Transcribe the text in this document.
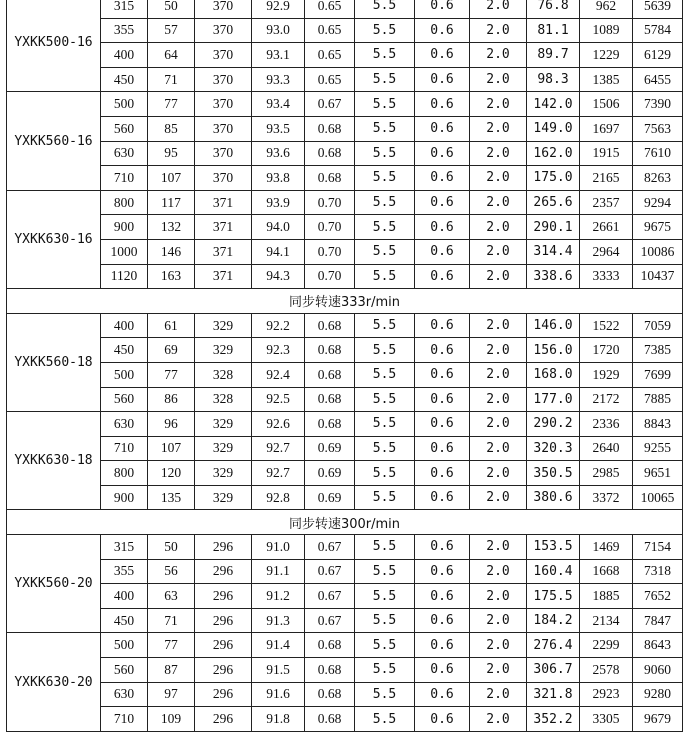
YXKK500-16	315	50	370	92.9	0.65	5.5	0.6	2.0	76.8	962	5639
	355	57	370	93.0	0.65	5.5	0.6	2.0	81.1	1089	5784
	400	64	370	93.1	0.65	5.5	0.6	2.0	89.7	1229	6129
	450	71	370	93.3	0.65	5.5	0.6	2.0	98.3	1385	6455
YXKK560-16	500	77	370	93.4	0.67	5.5	0.6	2.0	142.0	1506	7390
	560	85	370	93.5	0.68	5.5	0.6	2.0	149.0	1697	7563
	630	95	370	93.6	0.68	5.5	0.6	2.0	162.0	1915	7610
	710	107	370	93.8	0.68	5.5	0.6	2.0	175.0	2165	8263
YXKK630-16	800	117	371	93.9	0.70	5.5	0.6	2.0	265.6	2357	9294
	900	132	371	94.0	0.70	5.5	0.6	2.0	290.1	2661	9675
	1000	146	371	94.1	0.70	5.5	0.6	2.0	314.4	2964	10086
	1120	163	371	94.3	0.70	5.5	0.6	2.0	338.6	3333	10437
同步转速333r/min											
YXKK560-18	400	61	329	92.2	0.68	5.5	0.6	2.0	146.0	1522	7059
	450	69	329	92.3	0.68	5.5	0.6	2.0	156.0	1720	7385
	500	77	328	92.4	0.68	5.5	0.6	2.0	168.0	1929	7699
	560	86	328	92.5	0.68	5.5	0.6	2.0	177.0	2172	7885
YXKK630-18	630	96	329	92.6	0.68	5.5	0.6	2.0	290.2	2336	8843
	710	107	329	92.7	0.69	5.5	0.6	2.0	320.3	2640	9255
	800	120	329	92.7	0.69	5.5	0.6	2.0	350.5	2985	9651
	900	135	329	92.8	0.69	5.5	0.6	2.0	380.6	3372	10065
同步转速300r/min											
YXKK560-20	315	50	296	91.0	0.67	5.5	0.6	2.0	153.5	1469	7154
	355	56	296	91.1	0.67	5.5	0.6	2.0	160.4	1668	7318
	400	63	296	91.2	0.67	5.5	0.6	2.0	175.5	1885	7652
	450	71	296	91.3	0.67	5.5	0.6	2.0	184.2	2134	7847
YXKK630-20	500	77	296	91.4	0.68	5.5	0.6	2.0	276.4	2299	8643
	560	87	296	91.5	0.68	5.5	0.6	2.0	306.7	2578	9060
	630	97	296	91.6	0.68	5.5	0.6	2.0	321.8	2923	9280
	710	109	296	91.8	0.68	5.5	0.6	2.0	352.2	3305	9679
